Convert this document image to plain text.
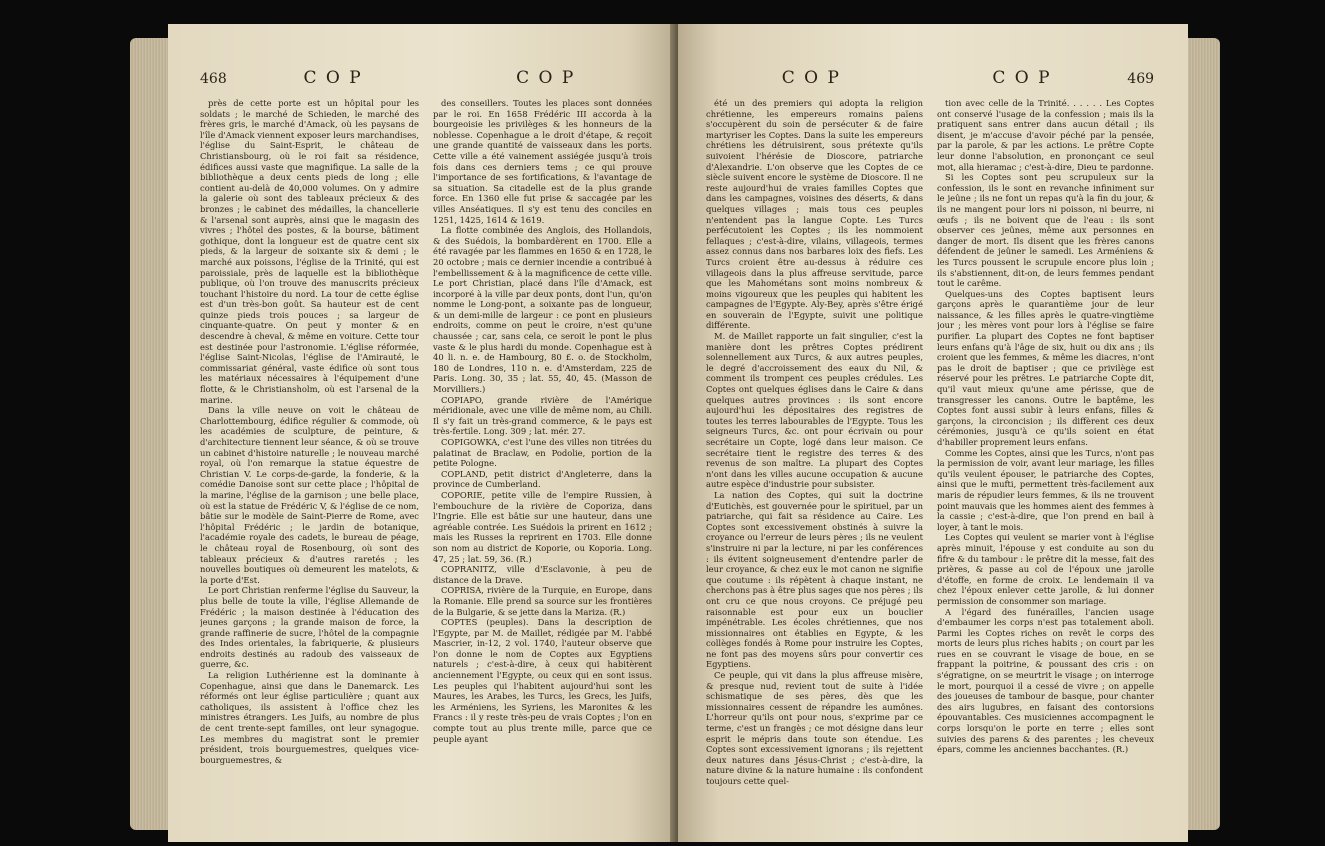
468	C O P	C O P

près de cette porte est un hôpital pour les soldats ; le marché de Schieden, le marché des frères gris, le marché d'Amack, où les paysans de l'île d'Amack viennent exposer leurs marchandises, l'église du Saint-Esprit, le château de Christiansbourg, où le roi fait sa résidence, édifices aussi vaste que magnifique. La salle de la bibliothèque a deux cents pieds de long ; elle contient au-delà de 40,000 volumes. On y admire la galerie où sont des tableaux précieux & des bronzes ; le cabinet des médailles, la chancellerie & l'arsenal sont auprès, ainsi que le magasin des vivres ; l'hôtel des postes, & la bourse, bâtiment gothique, dont la longueur est de quatre cent six pieds, & la largeur de soixante six & demi ; le marché aux poissons, l'église de la Trinité, qui est paroissiale, près de laquelle est la bibliothèque publique, où l'on trouve des manuscrits précieux touchant l'histoire du nord. La tour de cette église est d'un très-bon goût. Sa hauteur est de cent quinze pieds trois pouces ; sa largeur de cinquante-quatre. On peut y monter & en descendre à cheval, & même en voiture. Cette tour est destinée pour l'astronomie. L'église réformée, l'église Saint-Nicolas, l'église de l'Amirauté, le commissariat général, vaste édifice où sont tous les matériaux nécessaires à l'équipement d'une flotte, & le Christiansholm, où est l'arsenal de la marine.

Dans la ville neuve on voit le château de Charlottembourg, édifice régulier & commode, où les académies de sculpture, de peinture, & d'architecture tiennent leur séance, & où se trouve un cabinet d'histoire naturelle ; le nouveau marché royal, où l'on remarque la statue équestre de Christian V. Le corps-de-garde, la fonderie, & la comédie Danoise sont sur cette place ; l'hôpital de la marine, l'église de la garnison ; une belle place, où est la statue de Frédéric V, & l'église de ce nom, bâtie sur le modèle de Saint-Pierre de Rome, avec l'hôpital Frédéric ; le jardin de botanique, l'académie royale des cadets, le bureau de péage, le château royal de Rosenbourg, où sont des tableaux précieux & d'autres raretés ; les nouvelles boutiques où demeurent les matelots, & la porte d'Est.

Le port Christian renferme l'église du Sauveur, la plus belle de toute la ville, l'église Allemande de Frédéric ; la maison destinée à l'éducation des jeunes garçons ; la grande maison de force, la grande raffinerie de sucre, l'hôtel de la compagnie des Indes orientales, la fabriquerie, & plusieurs endroits destinés au radoub des vaisseaux de guerre, &c.

La religion Luthérienne est la dominante à Copenhague, ainsi que dans le Danemarck. Les réformés ont leur église particulière ; quant aux catholiques, ils assistent à l'office chez les ministres étrangers. Les Juifs, au nombre de plus de cent trente-sept familles, ont leur synagogue. Les membres du magistrat sont le premier président, trois bourguemestres, quelques vice-bourguemestres, &

des conseillers. Toutes les places sont données par le roi. En 1658 Frédéric III accorda à la bourgeoisie les privilèges & les honneurs de la noblesse. Copenhague a le droit d'étape, & reçoit une grande quantité de vaisseaux dans les ports. Cette ville a été vainement assiégée jusqu'à trois fois dans ces derniers tems ; ce qui prouve l'importance de ses fortifications, & l'avantage de sa situation. Sa citadelle est de la plus grande force. En 1360 elle fut prise & saccagée par les villes Anséatiques. Il s'y est tenu des conciles en 1251, 1425, 1614 & 1619.

La flotte combinée des Anglois, des Hollandois, & des Suédois, la bombardèrent en 1700. Elle a été ravagée par les flammes en 1650 & en 1728, le 20 octobre ; mais ce dernier incendie a contribué à l'embellissement & à la magnificence de cette ville. Le port Christian, placé dans l'île d'Amack, est incorporé à la ville par deux ponts, dont l'un, qu'on nomme le Long-pont, a soixante pas de longueur, & un demi-mille de largeur : ce pont en plusieurs endroits, comme on peut le croire, n'est qu'une chaussée ; car, sans cela, ce seroit le pont le plus vaste & le plus hardi du monde. Copenhague est à 40 li. n. e. de Hambourg, 80 £. o. de Stockholm, 180 de Londres, 110 n. e. d'Amsterdam, 225 de Paris. Long. 30, 35 ; lat. 55, 40, 45. (Masson de Morvilliers.)

COPIAPO, grande rivière de l'Amérique méridionale, avec une ville de même nom, au Chili. Il s'y fait un très-grand commerce, & le pays est très-fertile. Long. 309 ; lat. mér. 27.

COPIGOWKA, c'est l'une des villes non titrées du palatinat de Braclaw, en Podolie, portion de la petite Pologne.

COPLAND, petit district d'Angleterre, dans la province de Cumberland.

COPORIE, petite ville de l'empire Russien, à l'embouchure de la rivière de Coporiza, dans l'Ingrie. Elle est bâtie sur une hauteur, dans une agréable contrée. Les Suédois la prirent en 1612 ; mais les Russes la reprirent en 1703. Elle donne son nom au district de Koporie, ou Koporia. Long. 47, 25 ; lat. 59, 36. (R.)

COPRANITZ, ville d'Esclavonie, à peu de distance de la Drave.

COPRISA, rivière de la Turquie, en Europe, dans la Romanie. Elle prend sa source sur les frontières de la Bulgarie, & se jette dans la Mariza. (R.)

COPTES (peuples). Dans la description de l'Egypte, par M. de Maillet, rédigée par M. l'abbé Mascrier, in-12, 2 vol. 1740, l'auteur observe que l'on donne le nom de Coptes aux Egyptiens naturels ; c'est-à-dire, à ceux qui habitèrent anciennement l'Egypte, ou ceux qui en sont issus. Les peuples qui l'habitent aujourd'hui sont les Maures, les Arabes, les Turcs, les Grecs, les Juifs, les Arméniens, les Syriens, les Maronites & les Francs : il y reste très-peu de vrais Coptes ; l'on en compte tout au plus trente mille, parce que ce peuple ayant

C O P	C O P	469

été un des premiers qui adopta la religion chrétienne, les empereurs romains païens s'occupèrent du soin de persécuter & de faire martyriser les Coptes. Dans la suite les empereurs chrétiens les détruisirent, sous prétexte qu'ils suivoient l'hérésie de Dioscore, patriarche d'Alexandrie. L'on observe que les Coptes de ce siècle suivent encore le système de Dioscore. Il ne reste aujourd'hui de vraies familles Coptes que dans les campagnes, voisines des déserts, & dans quelques villages ; mais tous ces peuples n'entendent pas la langue Copte. Les Turcs perfécutoient les Coptes ; ils les nommoient fellaques ; c'est-à-dire, vilains, villageois, termes assez connus dans nos barbares loix des fiefs. Les Turcs croient être au-dessus à réduire ces villageois dans la plus affreuse servitude, parce que les Mahométans sont moins nombreux & moins vigoureux que les peuples qui habitent les campagnes de l'Egypte. Aly-Bey, après s'être érigé en souverain de l'Egypte, suivit une politique différente.

M. de Maillet rapporte un fait singulier, c'est la manière dont les prêtres Coptes prédirent solennellement aux Turcs, & aux autres peuples, le degré d'accroissement des eaux du Nil, & comment ils trompent ces peuples crédules. Les Coptes ont quelques églises dans le Caire & dans quelques autres provinces : ils sont encore aujourd'hui les dépositaires des registres de toutes les terres labourables de l'Egypte. Tous les seigneurs Turcs, &c. ont pour écrivain ou pour secrétaire un Copte, logé dans leur maison. Ce secrétaire tient le registre des terres & des revenus de son maître. La plupart des Coptes n'ont dans les villes aucune occupation & aucune autre espèce d'industrie pour subsister.

La nation des Coptes, qui suit la doctrine d'Eutichès, est gouvernée pour le spirituel, par un patriarche, qui fait sa résidence au Caire. Les Coptes sont excessivement obstinés à suivre la croyance ou l'erreur de leurs pères ; ils ne veulent s'instruire ni par la lecture, ni par les conférences : ils évitent soigneusement d'entendre parler de leur croyance, & chez eux le mot canon ne signifie que coutume : ils répètent à chaque instant, ne cherchons pas à être plus sages que nos pères ; ils ont cru ce que nous croyons. Ce préjugé peu raisonnable est pour eux un bouclier impénétrable. Les écoles chrétiennes, que nos missionnaires ont établies en Egypte, & les collèges fondés à Rome pour instruire les Coptes, ne font pas des moyens sûrs pour convertir ces Egyptiens.

Ce peuple, qui vit dans la plus affreuse misère, & presque nud, revient tout de suite à l'idée schismatique de ses pères, dès que les missionnaires cessent de répandre les aumônes. L'horreur qu'ils ont pour nous, s'exprime par ce terme, c'est un frangès ; ce mot désigne dans leur esprit le mépris dans toute son étendue. Les Coptes sont excessivement ignorans ; ils rejettent deux natures dans Jésus-Christ ; c'est-à-dire, la nature divine & la nature humaine : ils confondent toujours cette quel-

tion avec celle de la Trinité. . . . . . Les Coptes ont conservé l'usage de la confession ; mais ils la pratiquent sans entrer dans aucun détail ; ils disent, je m'accuse d'avoir péché par la pensée, par la parole, & par les actions. Le prêtre Copte leur donne l'absolution, en prononçant ce seul mot, alla hieramac ; c'est-à-dire, Dieu te pardonne.

Si les Coptes sont peu scrupuleux sur la confession, ils le sont en revanche infiniment sur le jeûne ; ils ne font un repas qu'à la fin du jour, & ils ne mangent pour lors ni poisson, ni beurre, ni œufs ; ils ne boivent que de l'eau : ils sont observer ces jeûnes, même aux personnes en danger de mort. Ils disent que les frères canons défendent de jeûner le samedi. Les Arméniens & les Turcs poussent le scrupule encore plus loin ; ils s'abstiennent, dit-on, de leurs femmes pendant tout le carême.

Quelques-uns des Coptes baptisent leurs garçons après le quarantième jour de leur naissance, & les filles après le quatre-vingtième jour ; les mères vont pour lors à l'église se faire purifier. La plupart des Coptes ne font baptiser leurs enfans qu'à l'âge de six, huit ou dix ans ; ils croient que les femmes, & même les diacres, n'ont pas le droit de baptiser ; que ce privilège est réservé pour les prêtres. Le patriarche Copte dit, qu'il vaut mieux qu'une ame périsse, que de transgresser les canons. Outre le baptême, les Coptes font aussi subir à leurs enfans, filles & garçons, la circoncision ; ils diffèrent ces deux cérémonies, jusqu'à ce qu'ils soient en état d'habiller proprement leurs enfans.

Comme les Coptes, ainsi que les Turcs, n'ont pas la permission de voir, avant leur mariage, les filles qu'ils veulent épouser, le patriarche des Coptes, ainsi que le mufti, permettent très-facilement aux maris de répudier leurs femmes, & ils ne trouvent point mauvais que les hommes aient des femmes à la cassie ; c'est-à-dire, que l'on prend en bail à loyer, à tant le mois.

Les Coptes qui veulent se marier vont à l'église après minuit, l'épouse y est conduite au son du fifre & du tambour : le prêtre dit la messe, fait des prières, & passe au col de l'époux une jarolle d'étoffe, en forme de croix. Le lendemain il va chez l'époux enlever cette jarolle, & lui donner permission de consommer son mariage.

A l'égard des funérailles, l'ancien usage d'embaumer les corps n'est pas totalement aboli. Parmi les Coptes riches on revêt le corps des morts de leurs plus riches habits ; on court par les rues en se couvrant le visage de boue, en se frappant la poitrine, & poussant des cris : on s'égratigne, on se meurtrit le visage ; on interroge le mort, pourquoi il a cessé de vivre ; on appelle des joueuses de tambour de basque, pour chanter des airs lugubres, en faisant des contorsions épouvantables. Ces musiciennes accompagnent le corps lorsqu'on le porte en terre ; elles sont suivies des parens & des parentes ; les cheveux épars, comme les anciennes bacchantes. (R.)
